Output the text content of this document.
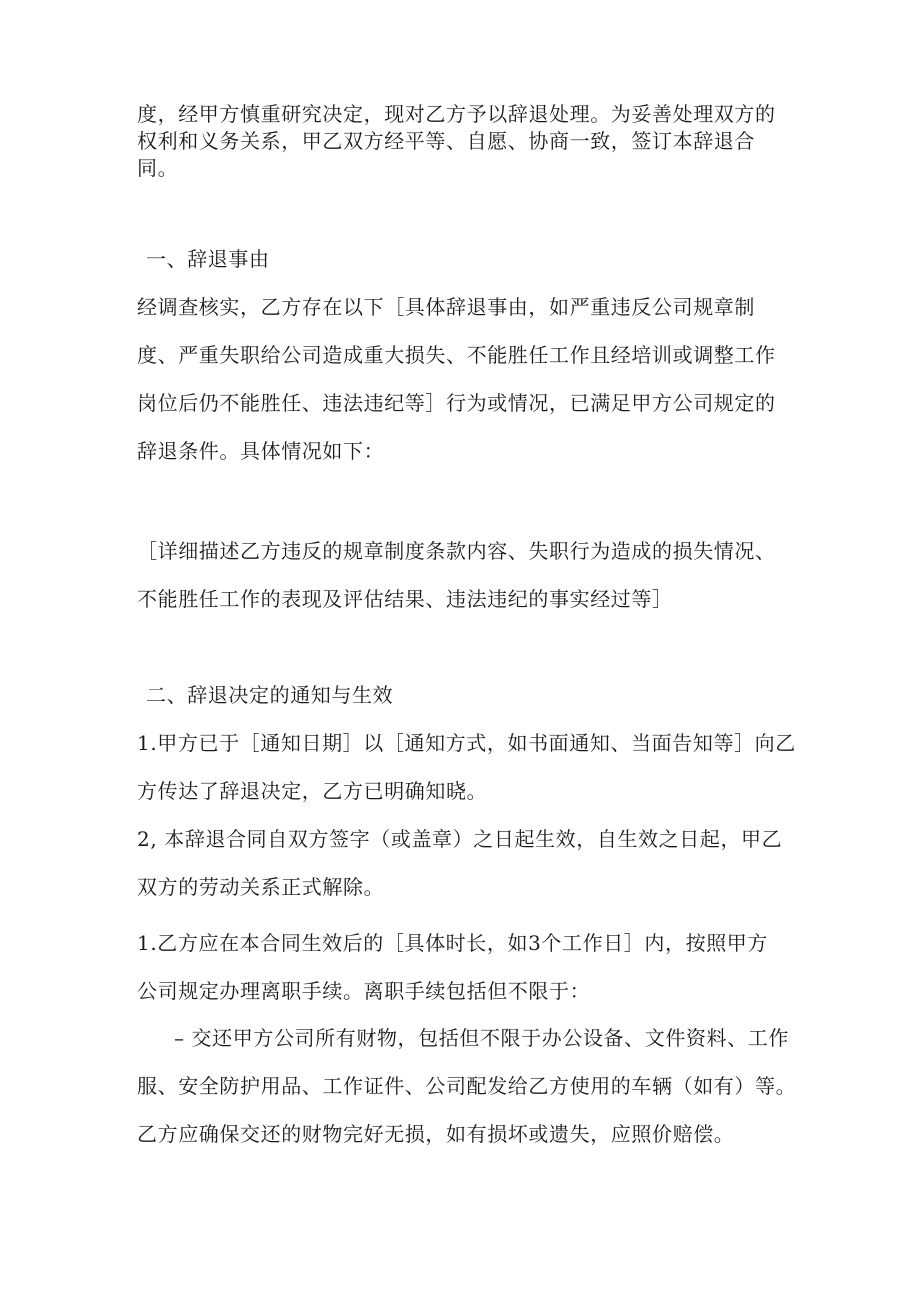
度，经甲方慎重研究决定，现对乙方予以辞退处理。为妥善处理双方的
权利和义务关系，甲乙双方经平等、自愿、协商一致，签订本辞退合
同。
一、辞退事由
经调查核实，乙方存在以下［具体辞退事由，如严重违反公司规章制
度、严重失职给公司造成重大损失、不能胜任工作且经培训或调整工作
岗位后仍不能胜任、违法违纪等］行为或情况，已满足甲方公司规定的
辞退条件。具体情况如下：
［详细描述乙方违反的规章制度条款内容、失职行为造成的损失情况、
不能胜任工作的表现及评估结果、违法违纪的事实经过等］
二、辞退决定的通知与生效
1.甲方已于［通知日期］以［通知方式，如书面通知、当面告知等］向乙
方传达了辞退决定，乙方已明确知晓。
2, 本辞退合同自双方签字（或盖章）之日起生效，自生效之日起，甲乙
双方的劳动关系正式解除。
1.乙方应在本合同生效后的［具体时长，如3个工作日］内，按照甲方
公司规定办理离职手续。离职手续包括但不限于：
– 交还甲方公司所有财物，包括但不限于办公设备、文件资料、工作
服、安全防护用品、工作证件、公司配发给乙方使用的车辆（如有）等。
乙方应确保交还的财物完好无损，如有损坏或遗失，应照价赔偿。
